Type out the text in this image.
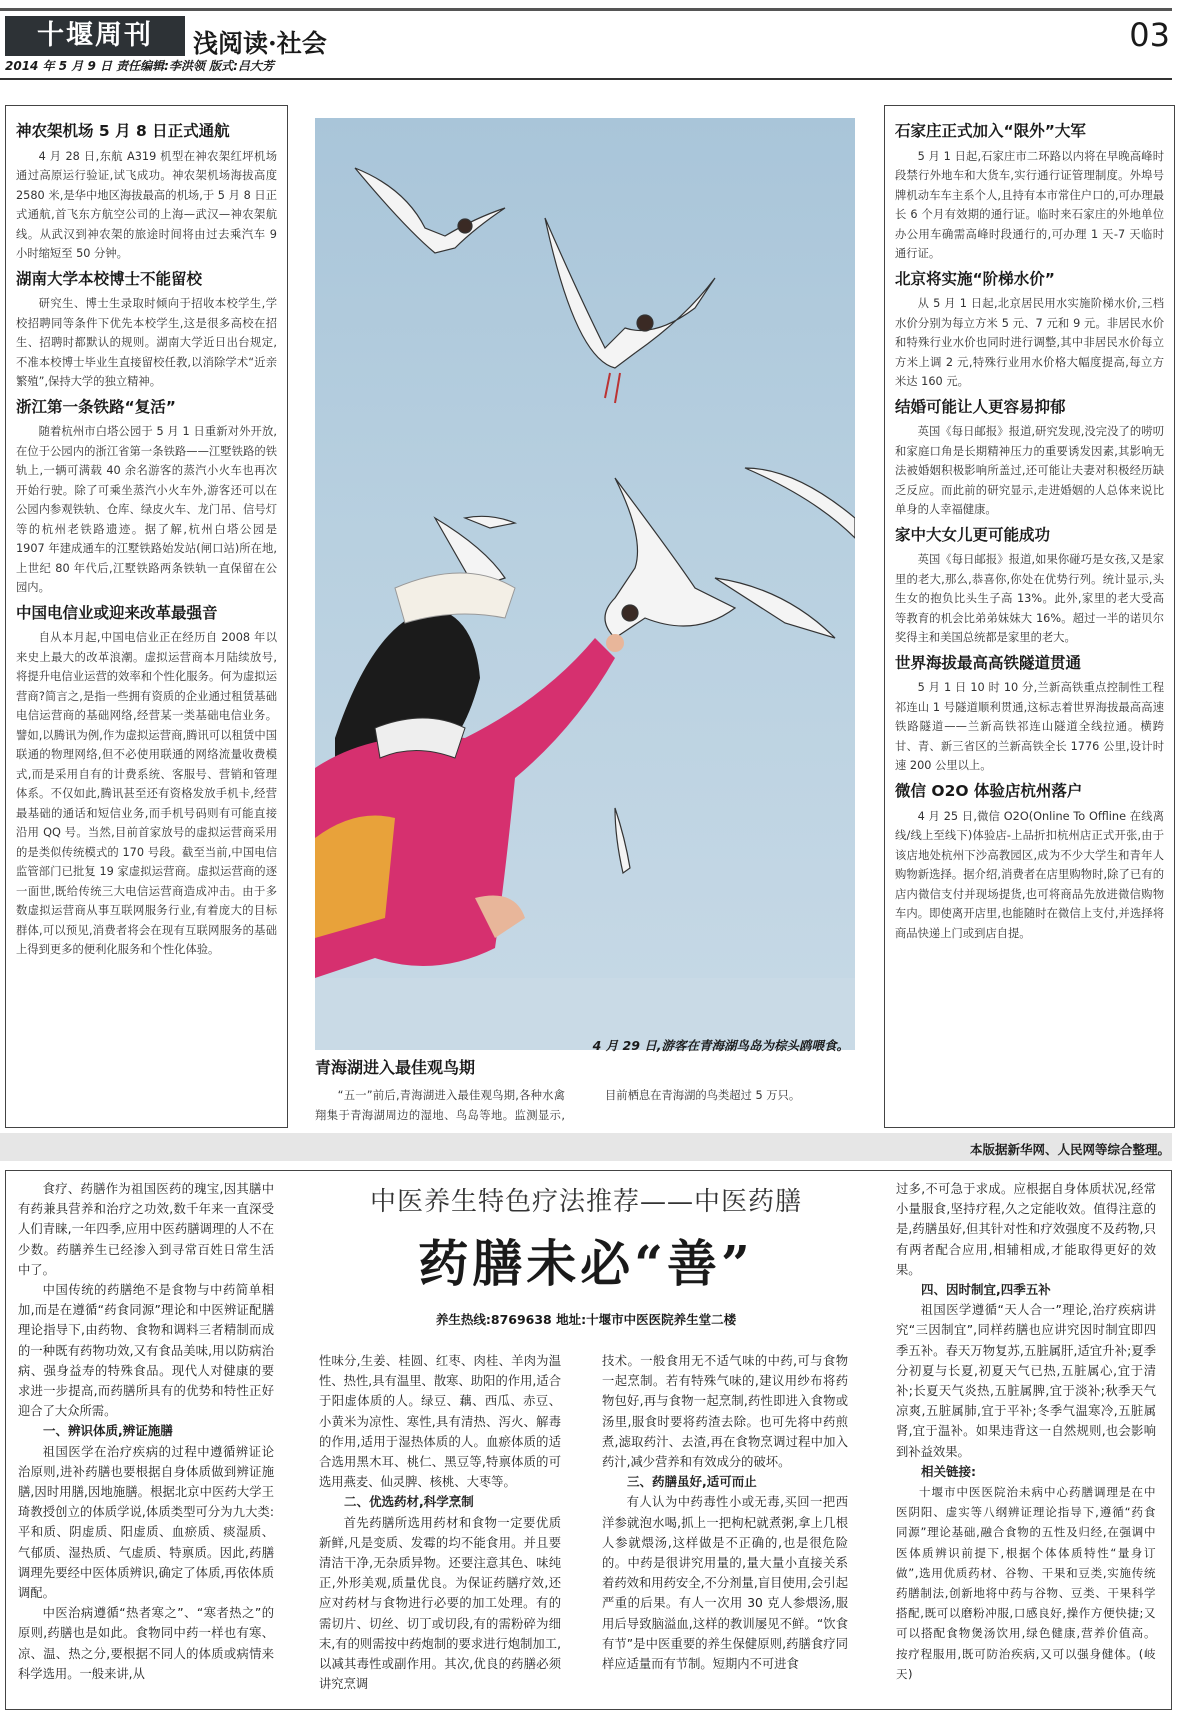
十堰周刊	浅阅读·社会	03
2014 年 5 月 9 日 责任编辑:李洪领 版式:吕大芳
神农架机场 5 月 8 日正式通航

4 月 28 日,东航 A319 机型在神农架红坪机场通过高原运行验证,试飞成功。神农架机场海拔高度 2580 米,是华中地区海拔最高的机场,于 5 月 8 日正式通航,首飞东方航空公司的上海—武汉—神农架航线。从武汉到神农架的旅途时间将由过去乘汽车 9 小时缩短至 50 分钟。

湖南大学本校博士不能留校

研究生、博士生录取时倾向于招收本校学生,学校招聘同等条件下优先本校学生,这是很多高校在招生、招聘时都默认的规则。湖南大学近日出台规定,不准本校博士毕业生直接留校任教,以消除学术“近亲繁殖”,保持大学的独立精神。

浙江第一条铁路“复活”

随着杭州市白塔公园于 5 月 1 日重新对外开放,在位于公园内的浙江省第一条铁路——江墅铁路的铁轨上,一辆可满载 40 余名游客的蒸汽小火车也再次开始行驶。除了可乘坐蒸汽小火车外,游客还可以在公园内参观铁轨、仓库、绿皮火车、龙门吊、信号灯等的杭州老铁路遗迹。据了解,杭州白塔公园是 1907 年建成通车的江墅铁路始发站(闸口站)所在地,上世纪 80 年代后,江墅铁路两条铁轨一直保留在公园内。

中国电信业或迎来改革最强音

自从本月起,中国电信业正在经历自 2008 年以来史上最大的改革浪潮。虚拟运营商本月陆续放号,将提升电信业运营的效率和个性化服务。何为虚拟运营商?简言之,是指一些拥有资质的企业通过租赁基础电信运营商的基础网络,经营某一类基础电信业务。譬如,以腾讯为例,作为虚拟运营商,腾讯可以租赁中国联通的物理网络,但不必使用联通的网络流量收费模式,而是采用自有的计费系统、客服号、营销和管理体系。不仅如此,腾讯甚至还有资格发放手机卡,经营最基础的通话和短信业务,而手机号码则有可能直接沿用 QQ 号。当然,目前首家放号的虚拟运营商采用的是类似传统模式的 170 号段。截至当前,中国电信监管部门已批复 19 家虚拟运营商。虚拟运营商的逐一面世,既给传统三大电信运营商造成冲击。由于多数虚拟运营商从事互联网服务行业,有着庞大的目标群体,可以预见,消费者将会在现有互联网服务的基础上得到更多的便利化服务和个性化体验。

4 月 29 日,游客在青海湖鸟岛为棕头鸥喂食。
青海湖进入最佳观鸟期
“五一”前后,青海湖进入最佳观鸟期,各种水禽翔集于青海湖周边的湿地、鸟岛等地。监测显示,目前栖息在青海湖的鸟类超过 5 万只。
石家庄正式加入“限外”大军

5 月 1 日起,石家庄市二环路以内将在早晚高峰时段禁行外地车和大货车,实行通行证管理制度。外埠号牌机动车车主系个人,且持有本市常住户口的,可办理最长 6 个月有效期的通行证。临时来石家庄的外地单位办公用车确需高峰时段通行的,可办理 1 天-7 天临时通行证。

北京将实施“阶梯水价”

从 5 月 1 日起,北京居民用水实施阶梯水价,三档水价分别为每立方米 5 元、7 元和 9 元。非居民水价和特殊行业水价也同时进行调整,其中非居民水价每立方米上调 2 元,特殊行业用水价格大幅度提高,每立方米达 160 元。

结婚可能让人更容易抑郁

英国《每日邮报》报道,研究发现,没完没了的唠叨和家庭口角是长期精神压力的重要诱发因素,其影响无法被婚姻积极影响所盖过,还可能让夫妻对积极经历缺乏反应。而此前的研究显示,走进婚姻的人总体来说比单身的人幸福健康。

家中大女儿更可能成功

英国《每日邮报》报道,如果你碰巧是女孩,又是家里的老大,那么,恭喜你,你处在优势行列。统计显示,头生女的抱负比头生子高 13%。此外,家里的老大受高等教育的机会比弟弟妹妹大 16%。超过一半的诺贝尔奖得主和美国总统都是家里的老大。

世界海拔最高高铁隧道贯通

5 月 1 日 10 时 10 分,兰新高铁重点控制性工程祁连山 1 号隧道顺利贯通,这标志着世界海拔最高高速铁路隧道——兰新高铁祁连山隧道全线拉通。横跨甘、青、新三省区的兰新高铁全长 1776 公里,设计时速 200 公里以上。

微信 O2O 体验店杭州落户

4 月 25 日,微信 O2O(Online To Offline 在线离线/线上至线下)体验店-上品折扣杭州店正式开张,由于该店地处杭州下沙高教园区,成为不少大学生和青年人购物新选择。据介绍,消费者在店里购物时,除了已有的店内微信支付并现场提货,也可将商品先放进微信购物车内。即使离开店里,也能随时在微信上支付,并选择将商品快递上门或到店自提。

本版据新华网、人民网等综合整理。

食疗、药膳作为祖国医药的瑰宝,因其膳中有药兼具营养和治疗之功效,数千年来一直深受人们青睐,一年四季,应用中医药膳调理的人不在少数。药膳养生已经渗入到寻常百姓日常生活中了。

中国传统的药膳绝不是食物与中药简单相加,而是在遵循“药食同源”理论和中医辨证配膳理论指导下,由药物、食物和调料三者精制而成的一种既有药物功效,又有食品美味,用以防病治病、强身益寿的特殊食品。现代人对健康的要求进一步提高,而药膳所具有的优势和特性正好迎合了大众所需。

一、辨识体质,辨证施膳

祖国医学在治疗疾病的过程中遵循辨证论治原则,进补药膳也要根据自身体质做到辨证施膳,因时用膳,因地施膳。根据北京中医药大学王琦教授创立的体质学说,体质类型可分为九大类:平和质、阴虚质、阳虚质、血瘀质、痰湿质、气郁质、湿热质、气虚质、特禀质。因此,药膳调理先要经中医体质辨识,确定了体质,再依体质调配。

中医治病遵循“热者寒之”、“寒者热之”的原则,药膳也是如此。食物同中药一样也有寒、凉、温、热之分,要根据不同人的体质或病情来科学选用。一般来讲,从

中医养生特色疗法推荐——中医药膳
药膳未必“善”
养生热线:8769638 地址:十堰市中医医院养生堂二楼

性味分,生姜、桂圆、红枣、肉桂、羊肉为温性、热性,具有温里、散寒、助阳的作用,适合于阳虚体质的人。绿豆、藕、西瓜、赤豆、小黄米为凉性、寒性,具有清热、泻火、解毒的作用,适用于湿热体质的人。血瘀体质的适合选用黑木耳、桃仁、黑豆等,特禀体质的可选用燕麦、仙灵脾、核桃、大枣等。

二、优选药材,科学烹制

首先药膳所选用药材和食物一定要优质新鲜,凡是变质、发霉的均不能食用。并且要清洁干净,无杂质异物。还要注意其色、味纯正,外形美观,质量优良。为保证药膳疗效,还应对药材与食物进行必要的加工处理。有的需切片、切丝、切丁或切段,有的需粉碎为细末,有的则需按中药炮制的要求进行炮制加工,以减其毒性或副作用。其次,优良的药膳必须讲究烹调

技术。一般食用无不适气味的中药,可与食物一起烹制。若有特殊气味的,建议用纱布将药物包好,再与食物一起烹制,药性即进入食物或汤里,服食时要将药渣去除。也可先将中药煎煮,滤取药汁、去渣,再在食物烹调过程中加入药汁,减少营养和有效成分的破坏。

三、药膳虽好,适可而止

有人认为中药毒性小或无毒,买回一把西洋参就泡水喝,抓上一把枸杞就煮粥,拿上几根人参就煨汤,这样做是不正确的,也是很危险的。中药是很讲究用量的,量大量小直接关系着药效和用药安全,不分剂量,盲目使用,会引起严重的后果。有人一次用 30 克人参煨汤,服用后导致脑溢血,这样的教训屡见不鲜。“饮食有节”是中医重要的养生保健原则,药膳食疗同样应适量而有节制。短期内不可进食

过多,不可急于求成。应根据自身体质状况,经常小量服食,坚持疗程,久之定能收效。值得注意的是,药膳虽好,但其针对性和疗效强度不及药物,只有两者配合应用,相辅相成,才能取得更好的效果。

四、因时制宜,四季五补

祖国医学遵循“天人合一”理论,治疗疾病讲究“三因制宜”,同样药膳也应讲究因时制宜即四季五补。春天万物复苏,五脏属肝,适宜升补;夏季分初夏与长夏,初夏天气已热,五脏属心,宜于清补;长夏天气炎热,五脏属脾,宜于淡补;秋季天气凉爽,五脏属肺,宜于平补;冬季气温寒冷,五脏属肾,宜于温补。如果违背这一自然规则,也会影响到补益效果。

相关链接:

十堰市中医医院治未病中心药膳调理是在中医阴阳、虚实等八纲辨证理论指导下,遵循“药食同源”理论基础,融合食物的五性及归经,在强调中医体质辨识前提下,根据个体体质特性“量身订做”,选用优质药材、谷物、干果和豆类,实施传统药膳制法,创新地将中药与谷物、豆类、干果科学搭配,既可以磨粉冲服,口感良好,操作方便快捷;又可以搭配食物煲汤饮用,绿色健康,营养价值高。按疗程服用,既可防治疾病,又可以强身健体。(岐天)
